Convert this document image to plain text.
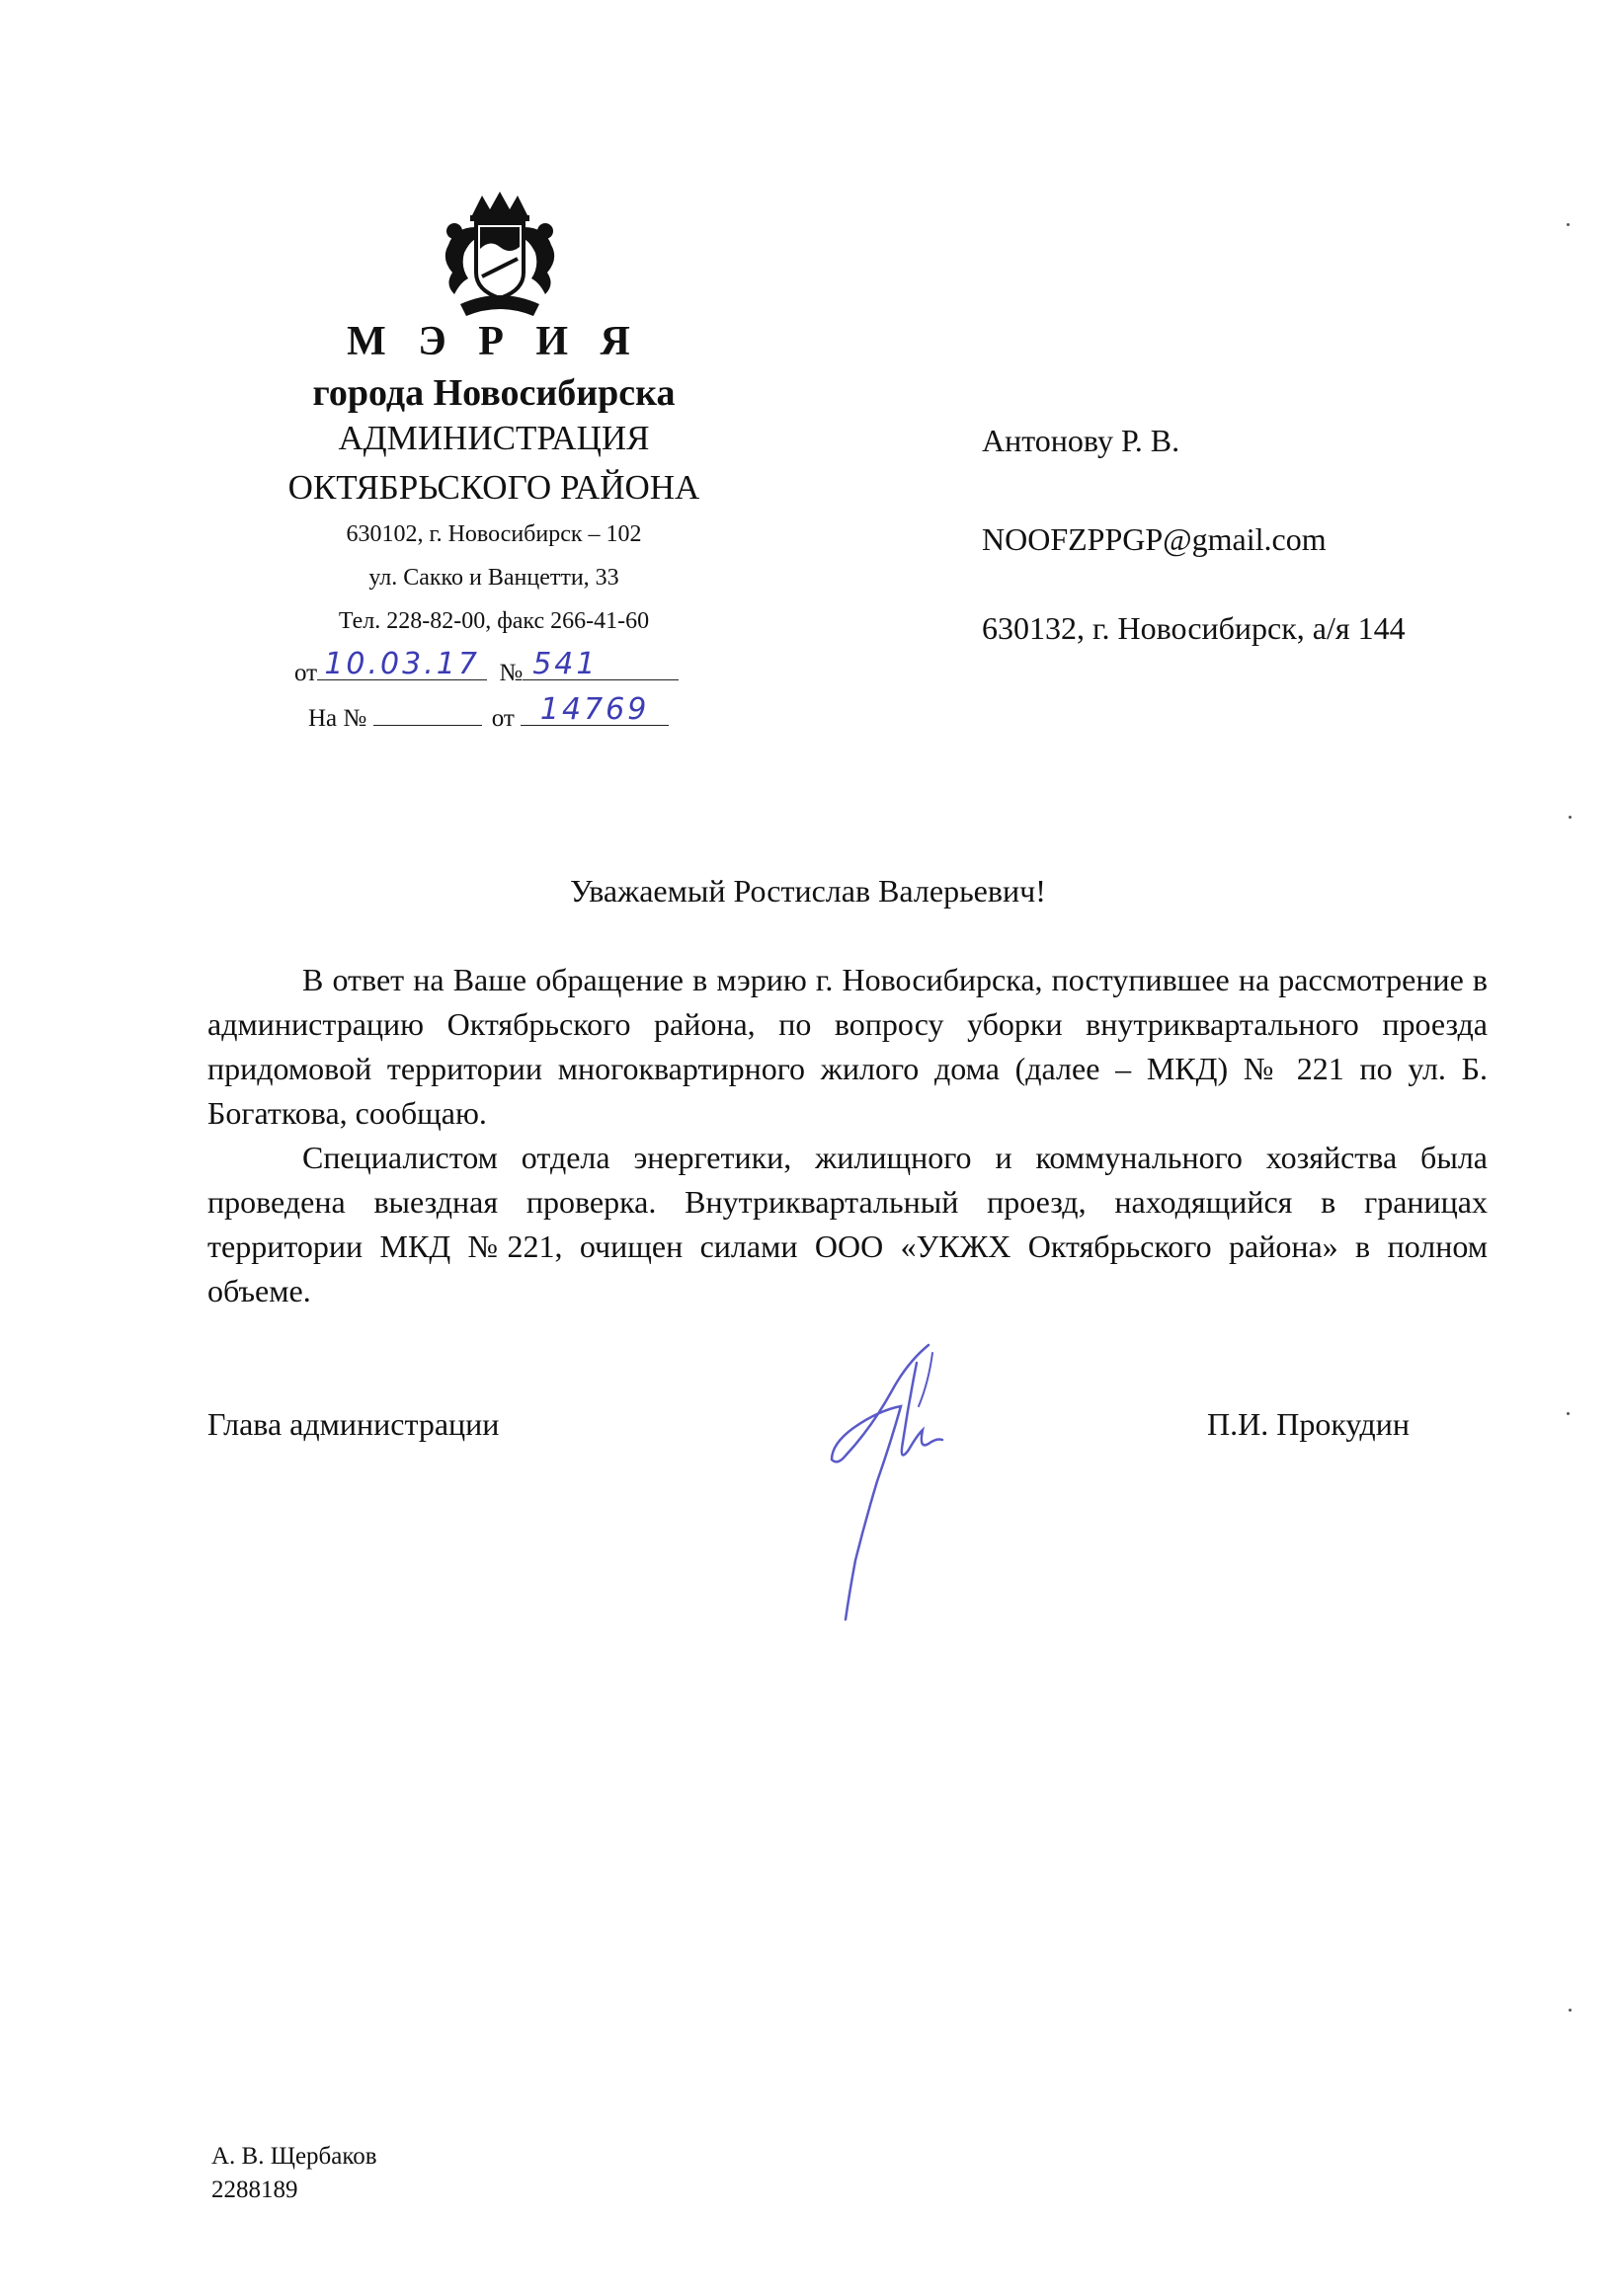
М Э Р И Я
города Новосибирска
АДМИНИСТРАЦИЯ
ОКТЯБРЬСКОГО РАЙОНА
630102, г. Новосибирск – 102
ул. Сакко и Ванцетти, 33
Тел. 228-82-00, факс 266-41-60
от 10.03.17 № 541
На №	от 14769
Антонову Р. В.
NOOFZPPGP@gmail.com
630132, г. Новосибирск, а/я 144
Уважаемый Ростислав Валерьевич!

В ответ на Ваше обращение в мэрию г. Новосибирска, поступившее на рассмотрение в администрацию Октябрьского района, по вопросу уборки внутриквартального проезда придомовой территории многоквартирного жилого дома (далее – МКД) № 221 по ул. Б. Богаткова, сообщаю.

Специалистом отдела энергетики, жилищного и коммунального хозяйства была проведена выездная проверка. Внутриквартальный проезд, находящийся в границах территории МКД №221, очищен силами ООО «УКЖХ Октябрьского района» в полном объеме.

Глава администрации	П.И. Прокудин
А. В. Щербаков
2288189
